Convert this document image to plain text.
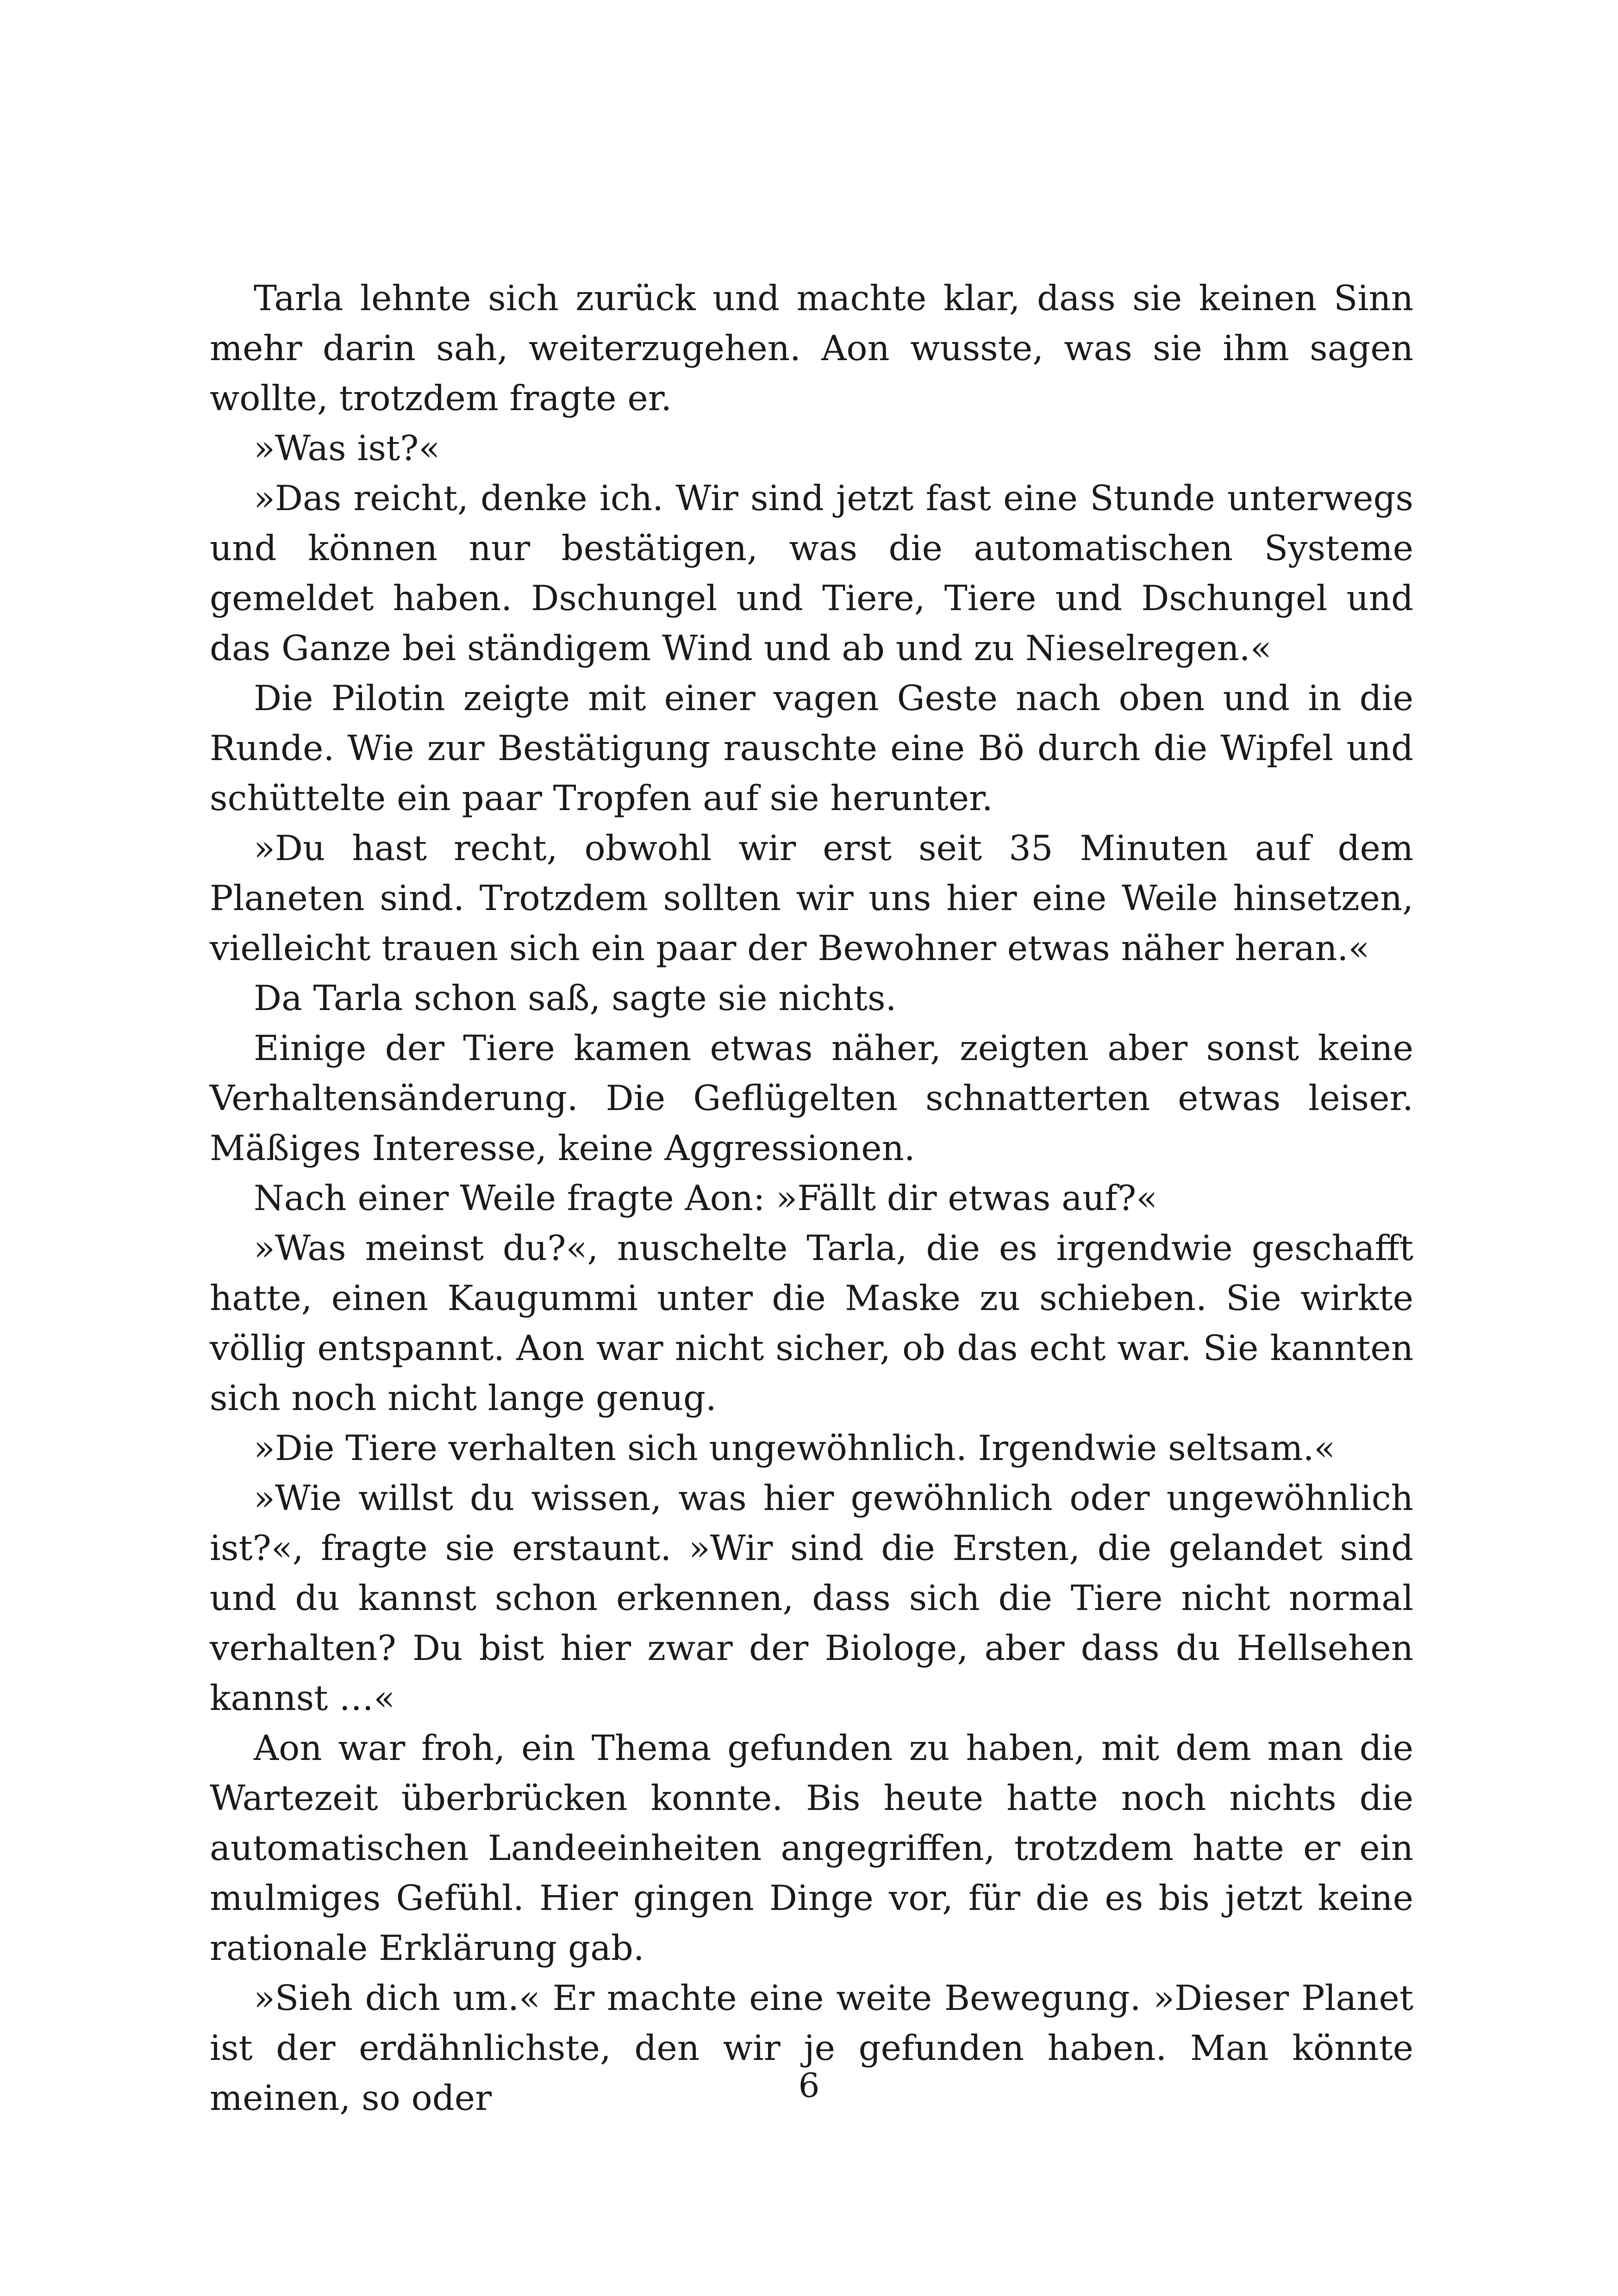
Tarla lehnte sich zurück und machte klar, dass sie keinen Sinn mehr darin sah, weiterzugehen. Aon wusste, was sie ihm sagen wollte, trotzdem fragte er.

»Was ist?«

»Das reicht, denke ich. Wir sind jetzt fast eine Stunde unterwegs und können nur bestätigen, was die automatischen Systeme gemeldet haben. Dschungel und Tiere, Tiere und Dschungel und das Ganze bei ständigem Wind und ab und zu Nieselregen.«

Die Pilotin zeigte mit einer vagen Geste nach oben und in die Runde. Wie zur Bestätigung rauschte eine Bö durch die Wipfel und schüttelte ein paar Tropfen auf sie herunter.

»Du hast recht, obwohl wir erst seit 35 Minuten auf dem Planeten sind. Trotzdem sollten wir uns hier eine Weile hinsetzen, vielleicht trauen sich ein paar der Bewohner etwas näher heran.«

Da Tarla schon saß, sagte sie nichts.

Einige der Tiere kamen etwas näher, zeigten aber sonst keine Verhaltensänderung. Die Geflügelten schnatterten etwas leiser. Mäßiges Interesse, keine Aggressionen.

Nach einer Weile fragte Aon: »Fällt dir etwas auf?«

»Was meinst du?«, nuschelte Tarla, die es irgendwie geschafft hatte, einen Kaugummi unter die Maske zu schieben. Sie wirkte völlig entspannt. Aon war nicht sicher, ob das echt war. Sie kannten sich noch nicht lange genug.

»Die Tiere verhalten sich ungewöhnlich. Irgendwie seltsam.«

»Wie willst du wissen, was hier gewöhnlich oder ungewöhnlich ist?«, fragte sie erstaunt. »Wir sind die Ersten, die gelandet sind und du kannst schon erkennen, dass sich die Tiere nicht normal verhalten? Du bist hier zwar der Biologe, aber dass du Hellsehen kannst …«

Aon war froh, ein Thema gefunden zu haben, mit dem man die Wartezeit überbrücken konnte. Bis heute hatte noch nichts die automatischen Landeeinheiten angegriffen, trotzdem hatte er ein mulmiges Gefühl. Hier gingen Dinge vor, für die es bis jetzt keine rationale Erklärung gab.

»Sieh dich um.« Er machte eine weite Bewegung. »Dieser Planet ist der erdähnlichste, den wir je gefunden haben. Man könnte meinen, so oder	6
